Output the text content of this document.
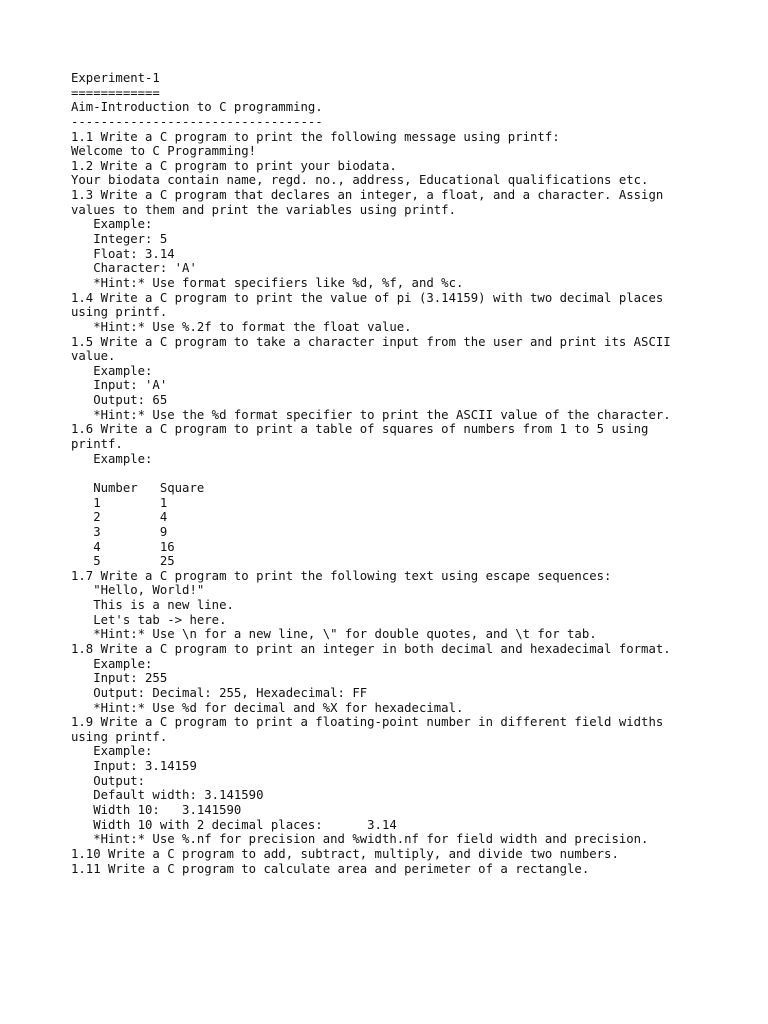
Experiment-1
============
Aim-Introduction to C programming.
----------------------------------
1.1 Write a C program to print the following message using printf:
Welcome to C Programming!
1.2 Write a C program to print your biodata.
Your biodata contain name, regd. no., address, Educational qualifications etc.
1.3 Write a C program that declares an integer, a float, and a character. Assign
values to them and print the variables using printf.
Example:
Integer: 5
Float: 3.14
Character: 'A'
*Hint:* Use format specifiers like %d, %f, and %c.
1.4 Write a C program to print the value of pi (3.14159) with two decimal places
using printf.
*Hint:* Use %.2f to format the float value.
1.5 Write a C program to take a character input from the user and print its ASCII
value.
Example:
Input: 'A'
Output: 65
*Hint:* Use the %d format specifier to print the ASCII value of the character.
1.6 Write a C program to print a table of squares of numbers from 1 to 5 using
printf.
Example:
Number   Square
1        1
2        4
3        9
4        16
5        25
1.7 Write a C program to print the following text using escape sequences:
"Hello, World!"
This is a new line.
Let's tab -> here.
*Hint:* Use \n for a new line, \" for double quotes, and \t for tab.
1.8 Write a C program to print an integer in both decimal and hexadecimal format.
Example:
Input: 255
Output: Decimal: 255, Hexadecimal: FF
*Hint:* Use %d for decimal and %X for hexadecimal.
1.9 Write a C program to print a floating-point number in different field widths
using printf.
Example:
Input: 3.14159
Output:
Default width: 3.141590
Width 10:   3.141590
Width 10 with 2 decimal places:      3.14
*Hint:* Use %.nf for precision and %width.nf for field width and precision.
1.10 Write a C program to add, subtract, multiply, and divide two numbers.
1.11 Write a C program to calculate area and perimeter of a rectangle.
